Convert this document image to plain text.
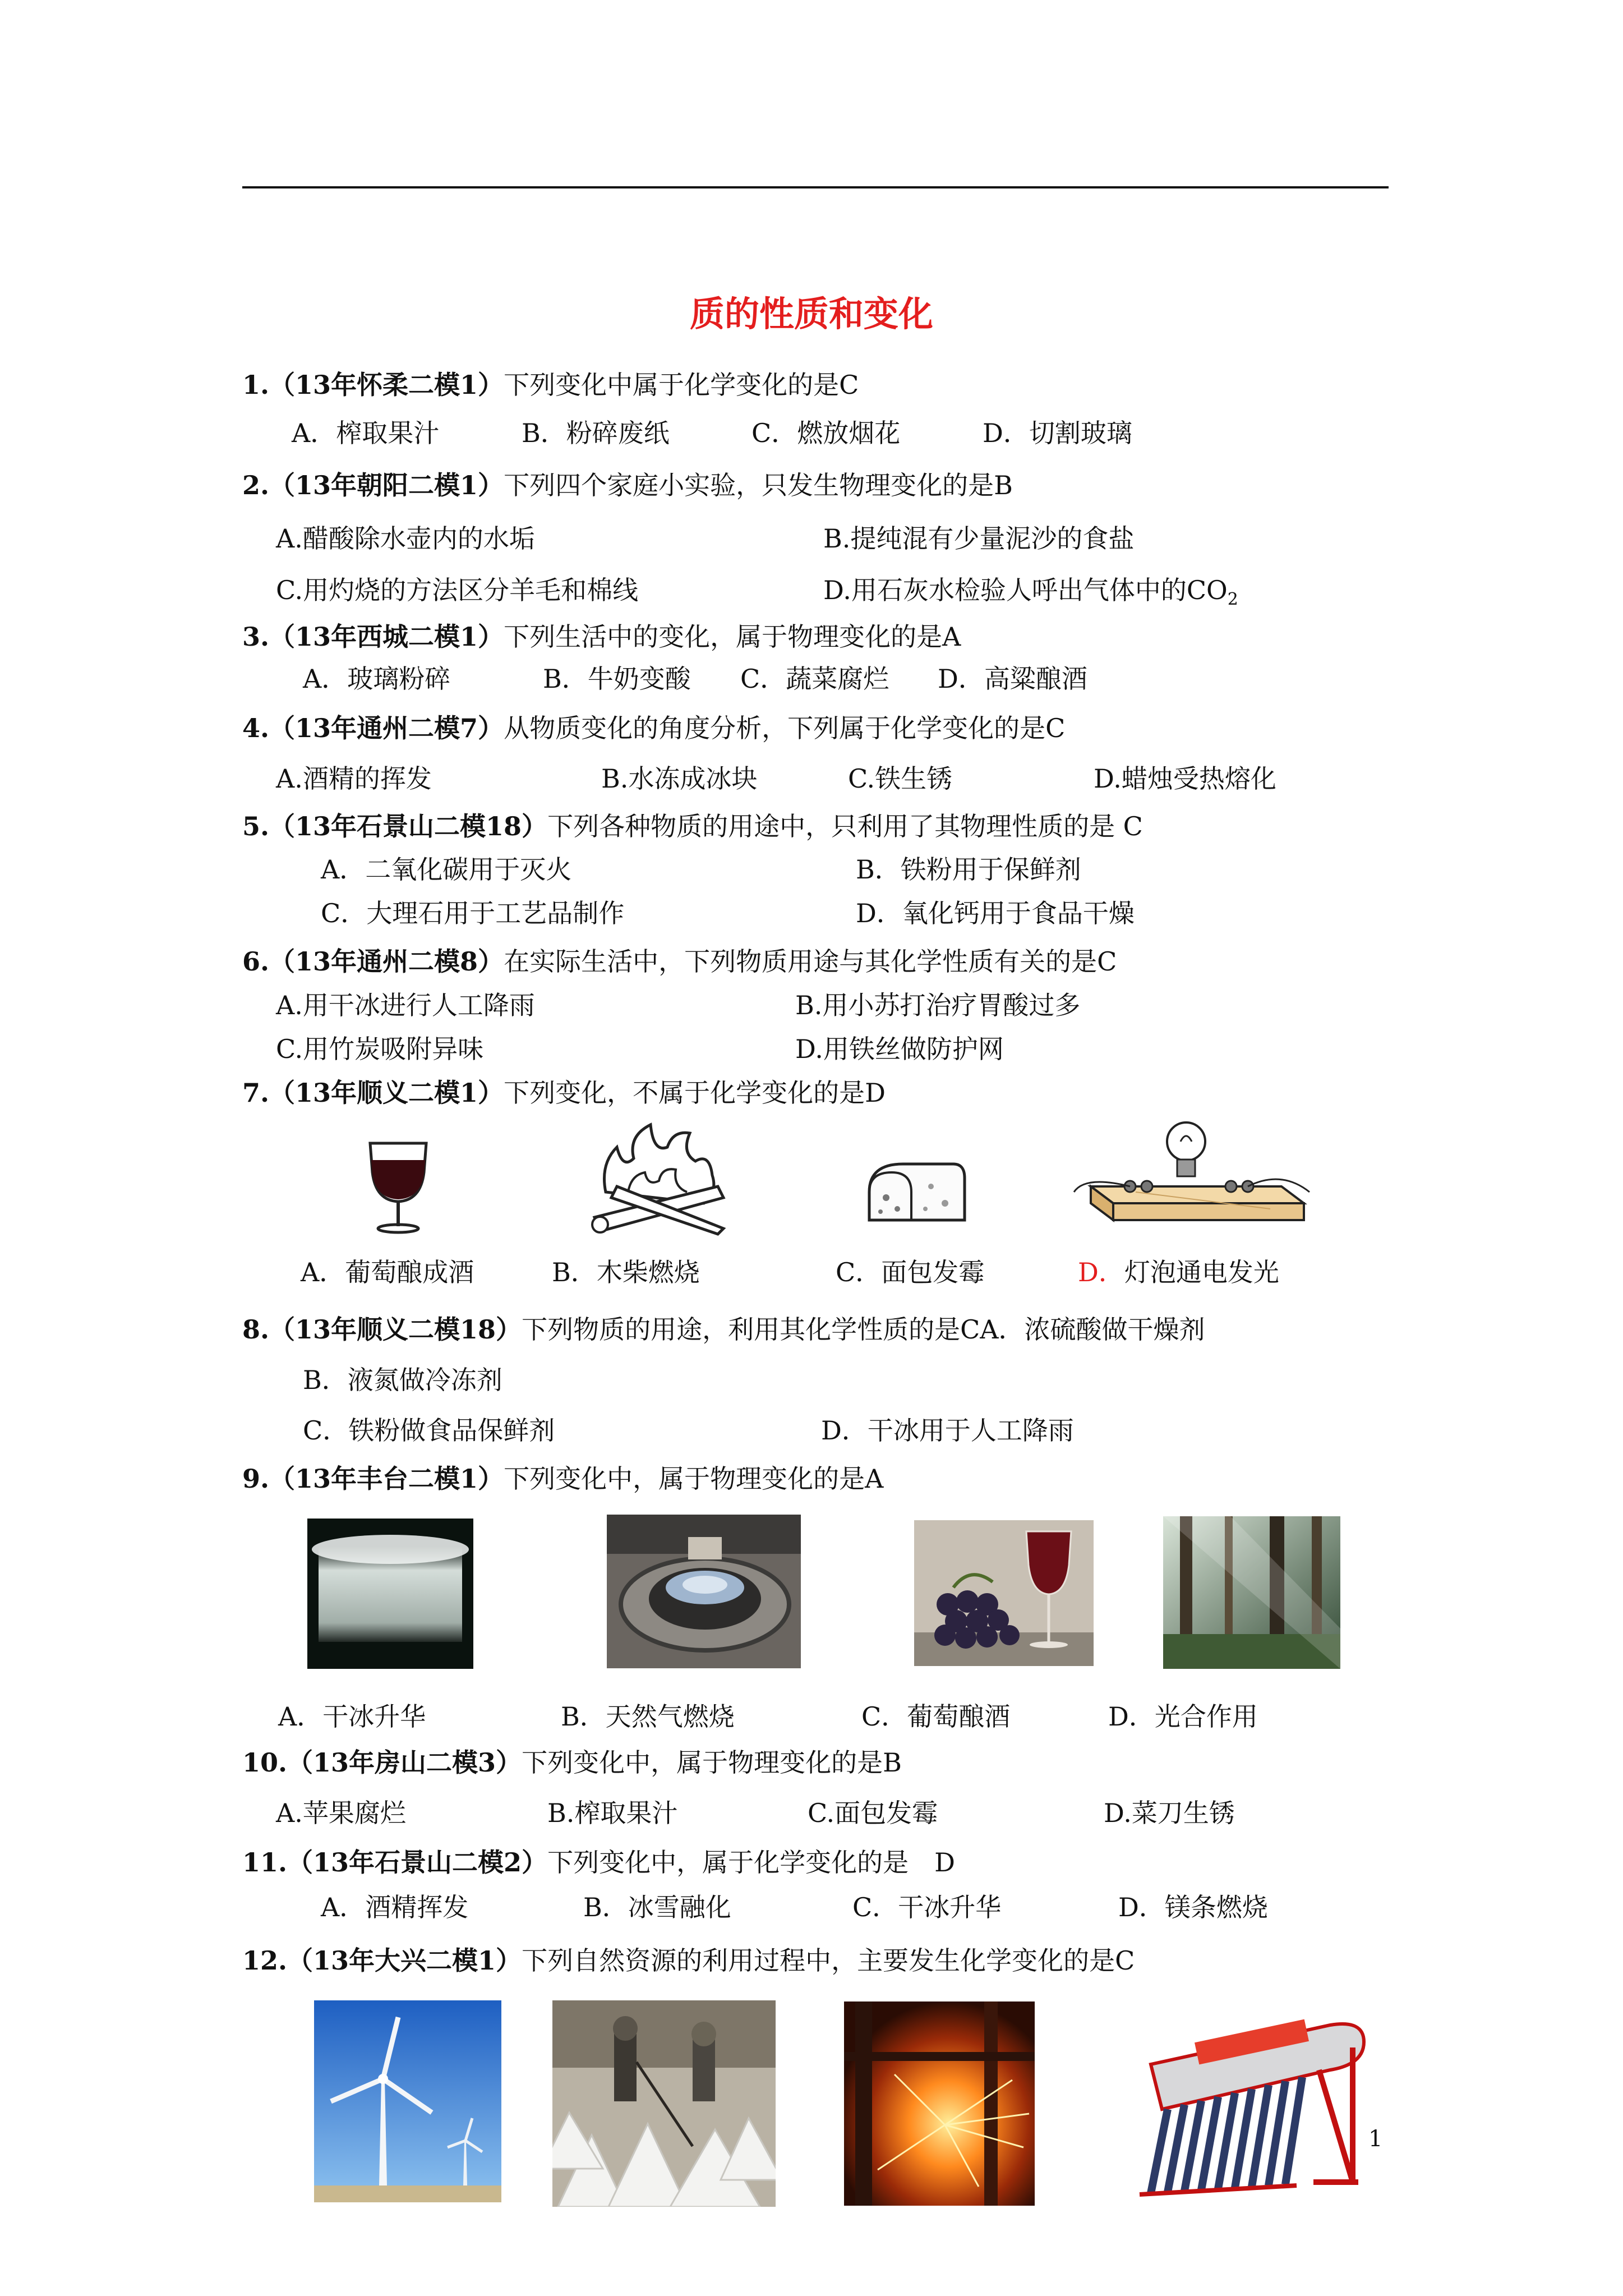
质的性质和变化
1.（13年怀柔二模1）下列变化中属于化学变化的是C
A．榨取果汁	B．粉碎废纸	C．燃放烟花	D．切割玻璃
2.（13年朝阳二模1）下列四个家庭小实验，只发生物理变化的是B
A.醋酸除水壶内的水垢	B.提纯混有少量泥沙的食盐
C.用灼烧的方法区分羊毛和棉线	D.用石灰水检验人呼出气体中的$CO_2$
3.（13年西城二模1）下列生活中的变化，属于物理变化的是A
A．玻璃粉碎	B．牛奶变酸 C．蔬菜腐烂 D．高粱酿酒
4.（13年通州二模7）从物质变化的角度分析，下列属于化学变化的是C
A.酒精的挥发	B.水冻成冰块	C.铁生锈	D.蜡烛受热熔化
5.（13年石景山二模18）下列各种物质的用途中，只利用了其物理性质的是 C
A．二氧化碳用于灭火	B．铁粉用于保鲜剂
C．大理石用于工艺品制作	D．氧化钙用于食品干燥
6.（13年通州二模8）在实际生活中，下列物质用途与其化学性质有关的是C
A.用干冰进行人工降雨	B.用小苏打治疗胃酸过多
C.用竹炭吸附异味	D.用铁丝做防护网
7.（13年顺义二模1）下列变化，不属于化学变化的是D
A．葡萄酿成酒	B．木柴燃烧	C．面包发霉	D．灯泡通电发光
8.（13年顺义二模18）下列物质的用途，利用其化学性质的是CA．浓硫酸做干燥剂
B．液氮做冷冻剂
C．铁粉做食品保鲜剂	D．干冰用于人工降雨
9.（13年丰台二模1）下列变化中，属于物理变化的是A
A．干冰升华	B．天然气燃烧	C．葡萄酿酒	D．光合作用
10.（13年房山二模3）下列变化中，属于物理变化的是B
A.苹果腐烂	B.榨取果汁	C.面包发霉	D.菜刀生锈
11.（13年石景山二模2）下列变化中，属于化学变化的是　D
A．酒精挥发	B．冰雪融化	C．干冰升华	D．镁条燃烧
12.（13年大兴二模1）下列自然资源的利用过程中，主要发生化学变化的是C
1
